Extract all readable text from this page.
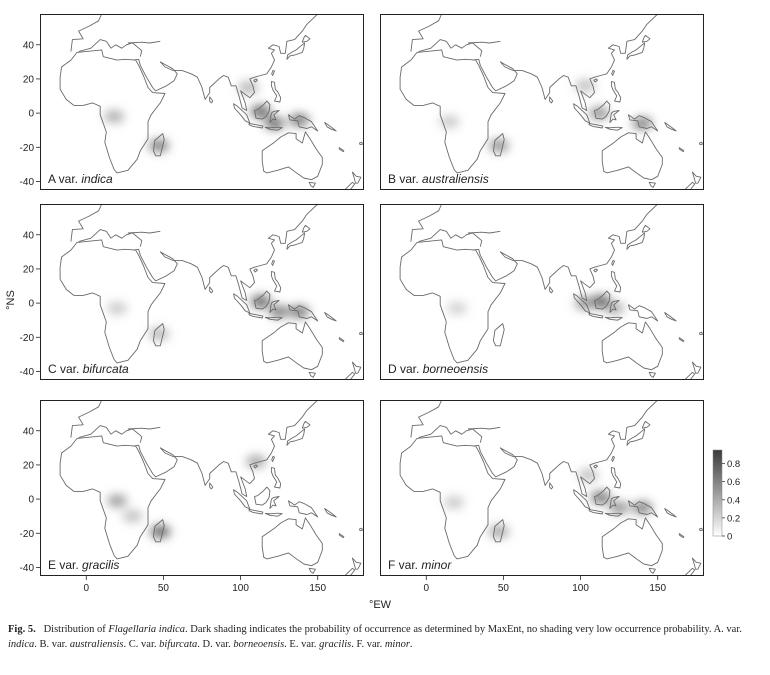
A var. indica	B var. australiensis
C var. bifurcata	D var. borneoensis
E var. gracilis	F var. minor
40
20
0
-20
-40
40
20
0
-20
-40
40
20
0
-20
-40
0	50	100	150	0	50	100	150
°NS
°EW
0
0.2
0.4
0.6
0.8
Fig. 5. Distribution of Flagellaria indica. Dark shading indicates the probability of occurrence as determined by MaxEnt, no shading very low occurrence probability. A. var. indica. B. var. australiensis. C. var. bifurcata. D. var. borneoensis. E. var. gracilis. F. var. minor.
